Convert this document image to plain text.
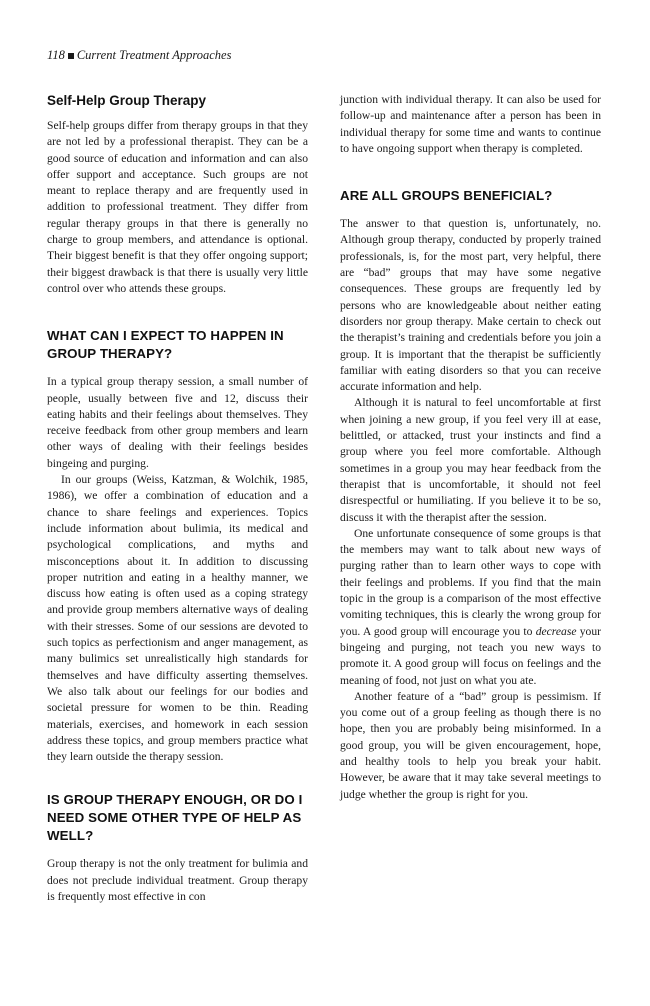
118 Current Treatment Approaches
Self-Help Group Therapy

Self-help groups differ from therapy groups in that they are not led by a professional therapist. They can be a good source of education and information and can also offer support and acceptance. Such groups are not meant to replace therapy and are frequently used in addition to professional treatment. They differ from regular therapy groups in that there is generally no charge to group members, and attendance is optional. Their biggest benefit is that they offer ongoing support; their biggest drawback is that there is usually very little control over who attends these groups.

WHAT CAN I EXPECT TO HAPPEN IN GROUP THERAPY?

In a typical group therapy session, a small number of people, usually between five and 12, discuss their eating habits and their feelings about themselves. They receive feedback from other group members and learn other ways of dealing with their feelings besides bingeing and purging.

In our groups (Weiss, Katzman, & Wolchik, 1985, 1986), we offer a combination of education and a chance to share feelings and experiences. Topics include information about bulimia, its medical and psychological complications, and myths and misconceptions about it. In addition to discussing proper nutrition and eating in a healthy manner, we discuss how eating is often used as a coping strategy and provide group members alternative ways of dealing with their stresses. Some of our sessions are devoted to such topics as perfectionism and anger management, as many bulimics set unrealistically high standards for themselves and have difficulty asserting themselves. We also talk about our feelings for our bodies and societal pressure for women to be thin. Reading materials, exercises, and homework in each session address these topics, and group members practice what they learn outside the therapy session.

IS GROUP THERAPY ENOUGH, OR DO I NEED SOME OTHER TYPE OF HELP AS WELL?

Group therapy is not the only treatment for bulimia and does not preclude individual treatment. Group therapy is frequently most effective in con

junction with individual therapy. It can also be used for follow-up and maintenance after a person has been in individual therapy for some time and wants to continue to have ongoing support when therapy is completed.

ARE ALL GROUPS BENEFICIAL?

The answer to that question is, unfortunately, no. Although group therapy, conducted by properly trained professionals, is, for the most part, very helpful, there are “bad” groups that may have some negative consequences. These groups are frequently led by persons who are knowledgeable about neither eating disorders nor group therapy. Make certain to check out the therapist’s training and credentials before you join a group. It is important that the therapist be sufficiently familiar with eating disorders so that you can receive accurate information and help.

Although it is natural to feel uncomfortable at first when joining a new group, if you feel very ill at ease, belittled, or attacked, trust your instincts and find a group where you feel more comfortable. Although sometimes in a group you may hear feedback from the therapist that is uncomfortable, it should not feel disrespectful or humiliating. If you believe it to be so, discuss it with the therapist after the session.

One unfortunate consequence of some groups is that the members may want to talk about new ways of purging rather than to learn other ways to cope with their feelings and problems. If you find that the main topic in the group is a comparison of the most effective vomiting techniques, this is clearly the wrong group for you. A good group will encourage you to decrease your bingeing and purging, not teach you new ways to promote it. A good group will focus on feelings and the meaning of food, not just on what you ate.

Another feature of a “bad” group is pessimism. If you come out of a group feeling as though there is no hope, then you are probably being misinformed. In a good group, you will be given encouragement, hope, and healthy tools to help you break your habit. However, be aware that it may take several meetings to judge whether the group is right for you.
